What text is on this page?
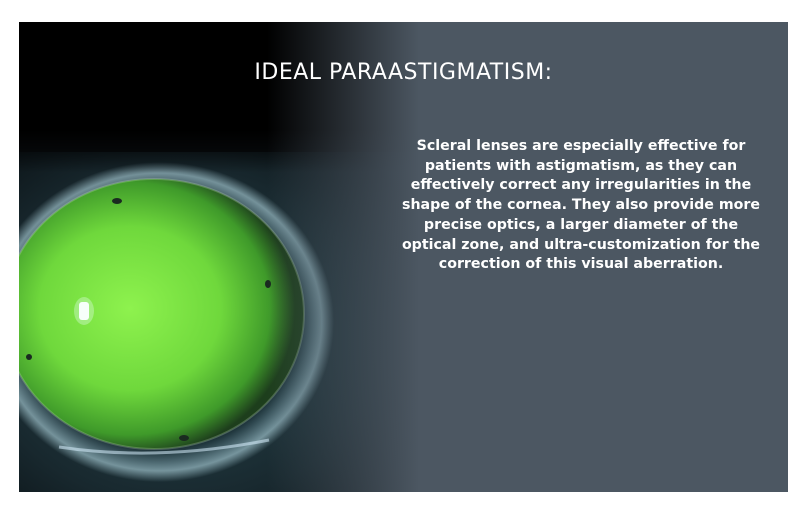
IDEAL PARAASTIGMATISM:

Scleral lenses are especially effective for patients with astigmatism, as they can effectively correct any irregularities in the shape of the cornea. They also provide more precise optics, a larger diameter of the optical zone, and ultra-customization for the correction of this visual aberration.
